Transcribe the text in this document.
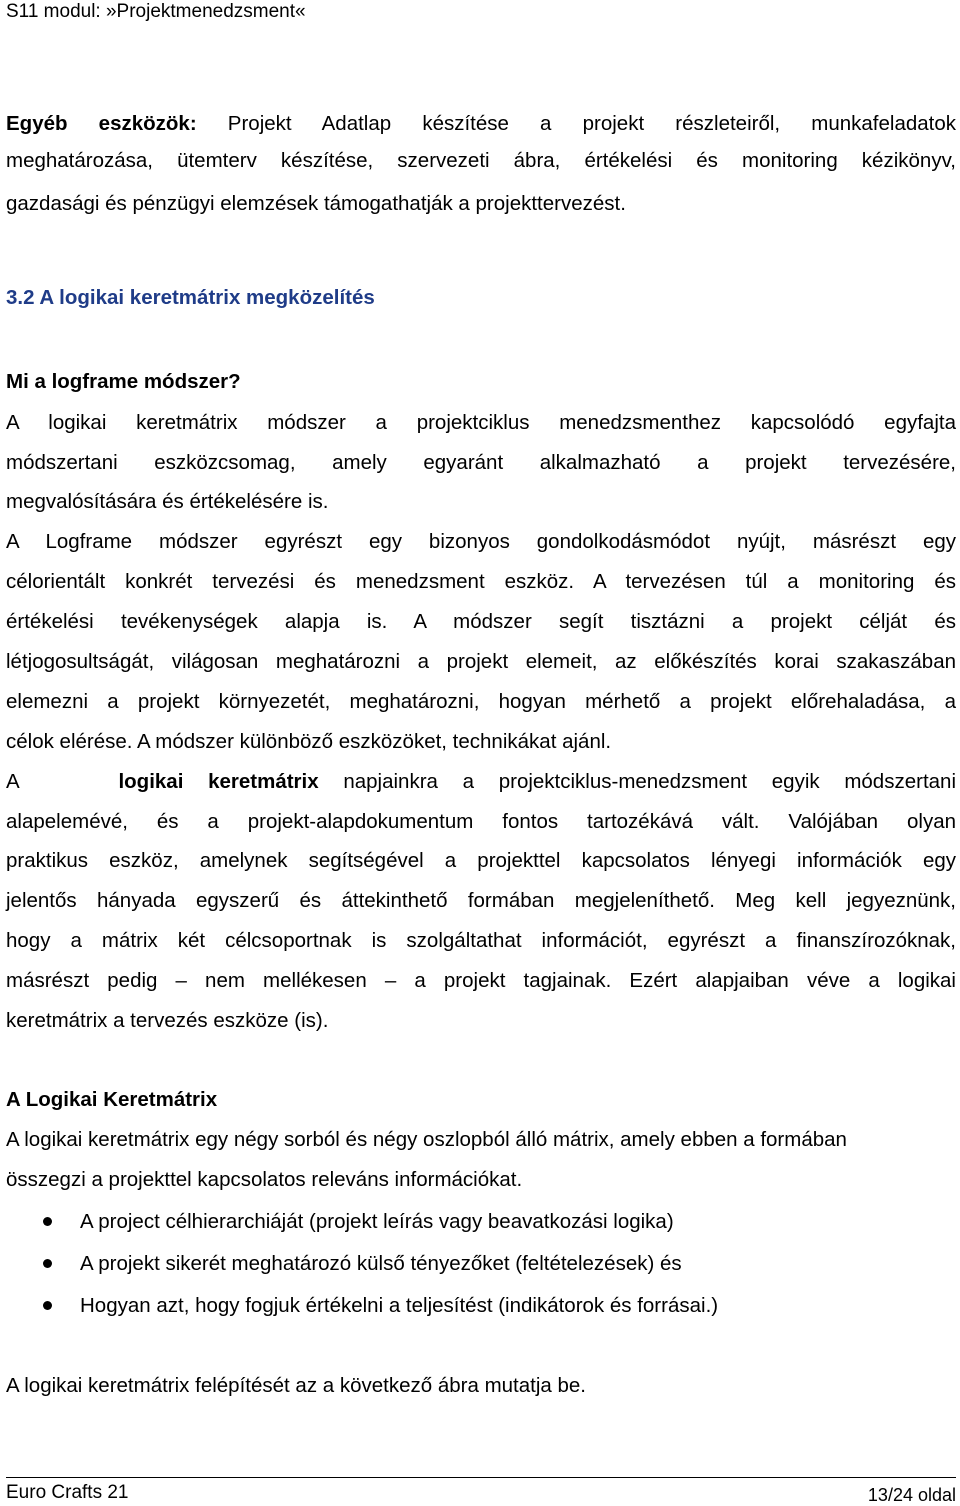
S11 modul: »Projektmenedzsment«
Egyéb eszközök: Projekt Adatlap készítése a projekt részleteiről, munkafeladatok
meghatározása, ütemterv készítése, szervezeti ábra, értékelési és monitoring kézikönyv,
gazdasági és pénzügyi elemzések támogathatják a projekttervezést.
3.2 A logikai keretmátrix megközelítés
Mi a logframe módszer?
A logikai keretmátrix módszer a projektciklus menedzsmenthez kapcsolódó egyfajta
módszertani eszközcsomag, amely egyaránt alkalmazható a projekt tervezésére,
megvalósítására és értékelésére is.
A Logframe módszer egyrészt egy bizonyos gondolkodásmódot nyújt, másrészt egy
célorientált konkrét tervezési és menedzsment eszköz. A tervezésen túl a monitoring és
értékelési tevékenységek alapja is. A módszer segít tisztázni a projekt célját és
létjogosultságát, világosan meghatározni a projekt elemeit, az előkészítés korai szakaszában
elemezni a projekt környezetét, meghatározni, hogyan mérhető a projekt előrehaladása, a
célok elérése. A módszer különböző eszközöket, technikákat ajánl.
A	logikai keretmátrix napjainkra a projektciklus-menedzsment egyik módszertani
alapelemévé, és a projekt-alapdokumentum fontos tartozékává vált. Valójában olyan
praktikus eszköz, amelynek segítségével a projekttel kapcsolatos lényegi információk egy
jelentős hányada egyszerű és áttekinthető formában megjeleníthető. Meg kell jegyeznünk,
hogy a mátrix két célcsoportnak is szolgáltathat információt, egyrészt a finanszírozóknak,
másrészt pedig – nem mellékesen – a projekt tagjainak. Ezért alapjaiban véve a logikai
keretmátrix a tervezés eszköze (is).
A Logikai Keretmátrix
A logikai keretmátrix egy négy sorból és négy oszlopból álló mátrix, amely ebben a formában
összegzi a projekttel kapcsolatos releváns információkat.
A project célhierarchiáját (projekt leírás vagy beavatkozási logika)
A projekt sikerét meghatározó külső tényezőket (feltételezések) és
Hogyan azt, hogy fogjuk értékelni a teljesítést (indikátorok és forrásai.)
A logikai keretmátrix felépítését az a következő ábra mutatja be.
Euro Crafts 21	13/24 oldal
